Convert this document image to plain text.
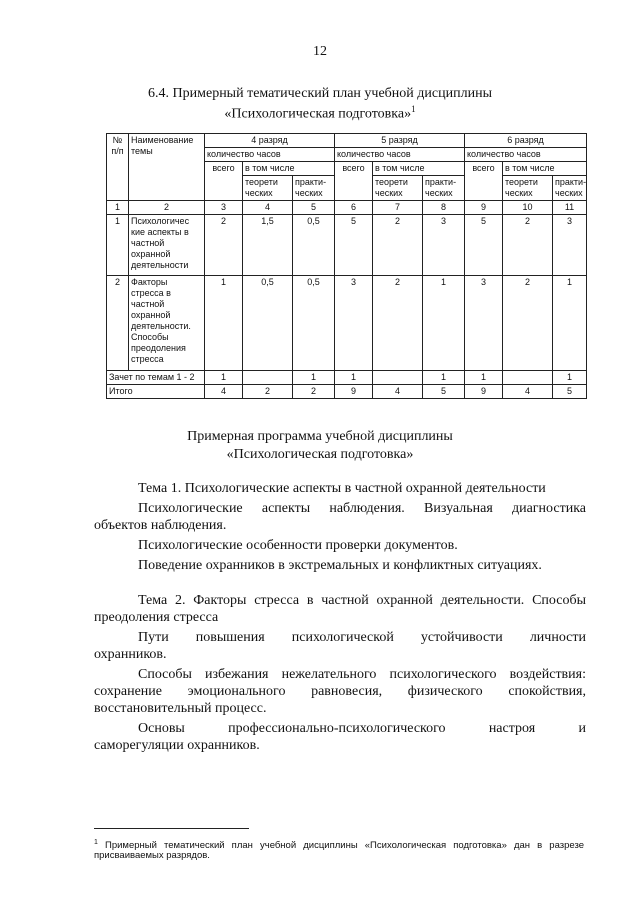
12
6.4. Примерный тематический план учебной дисциплины
«Психологическая подготовка»$^1$
№ п/п	Наименование темы	4 разряд			5 разряд			6 разряд		
		количество часов			количество часов			количество часов		
		всего	в том числе		всего	в том числе		всего	в том числе	
			теорети ческих	практи-ческих		теорети ческих	практи-ческих		теорети ческих	практи-ческих
1	2	3	4	5	6	7	8	9	10	11
1	Психологичес кие аспекты в частной охранной деятельности	2	1,5	0,5	5	2	3	5	2	3
2	Факторы стресса в частной охранной деятельности. Способы преодоления стресса	1	0,5	0,5	3	2	1	3	2	1
Зачет по темам 1 - 2		1		1	1		1	1		1
Итого		4	2	2	9	4	5	9	4	5
Примерная программа учебной дисциплины
«Психологическая подготовка»
Тема 1. Психологические аспекты в частной охранной деятельности
Психологические аспекты наблюдения. Визуальная диагностика
объектов наблюдения.
Психологические особенности проверки документов.
Поведение охранников в экстремальных и конфликтных ситуациях.
Тема 2. Факторы стресса в частной охранной деятельности. Способы
преодоления стресса
Пути повышения психологической устойчивости личности
охранников.
Способы избежания нежелательного психологического воздействия:
сохранение эмоционального равновесия, физического спокойствия,
восстановительный процесс.
Основы профессионально-психологического настроя и
саморегуляции охранников.
$^1$ Примерный тематический план учебной дисциплины «Психологическая подготовка» дан в разрезе
присваиваемых разрядов.
